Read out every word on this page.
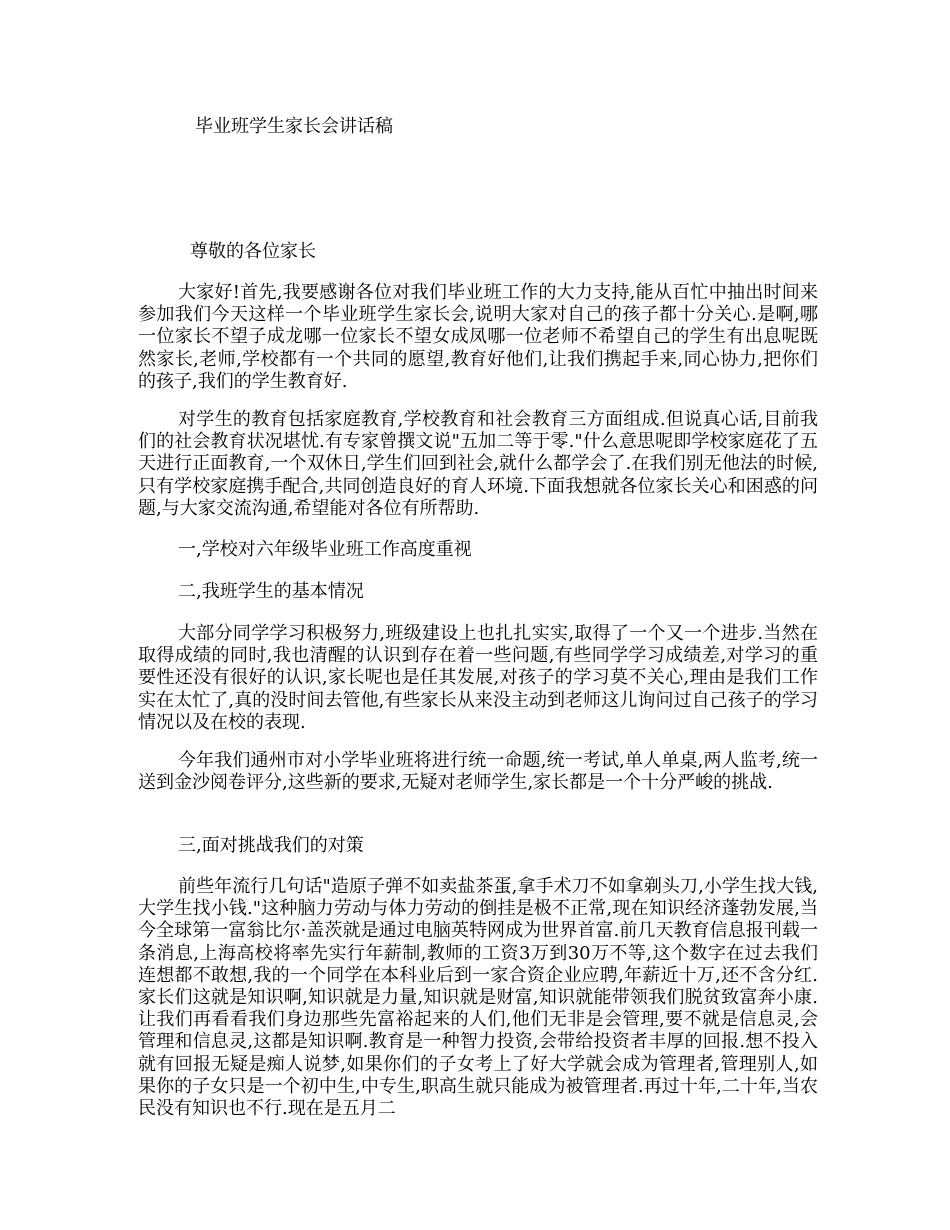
毕业班学生家长会讲话稿
尊敬的各位家长

大家好!首先,我要感谢各位对我们毕业班工作的大力支持,能从百忙中抽出时间来参加我们今天这样一个毕业班学生家长会,说明大家对自己的孩子都十分关心.是啊,哪一位家长不望子成龙哪一位家长不望女成凤哪一位老师不希望自己的学生有出息呢既然家长,老师,学校都有一个共同的愿望,教育好他们,让我们携起手来,同心协力,把你们的孩子,我们的学生教育好.

对学生的教育包括家庭教育,学校教育和社会教育三方面组成.但说真心话,目前我们的社会教育状况堪忧.有专家曾撰文说"五加二等于零."什么意思呢即学校家庭花了五天进行正面教育,一个双休日,学生们回到社会,就什么都学会了.在我们别无他法的时候,只有学校家庭携手配合,共同创造良好的育人环境.下面我想就各位家长关心和困惑的问题,与大家交流沟通,希望能对各位有所帮助.

一,学校对六年级毕业班工作高度重视

二,我班学生的基本情况

大部分同学学习积极努力,班级建设上也扎扎实实,取得了一个又一个进步.当然在取得成绩的同时,我也清醒的认识到存在着一些问题,有些同学学习成绩差,对学习的重要性还没有很好的认识,家长呢也是任其发展,对孩子的学习莫不关心,理由是我们工作实在太忙了,真的没时间去管他,有些家长从来没主动到老师这儿询问过自己孩子的学习情况以及在校的表现.

今年我们通州市对小学毕业班将进行统一命题,统一考试,单人单桌,两人监考,统一送到金沙阅卷评分,这些新的要求,无疑对老师学生,家长都是一个十分严峻的挑战.

三,面对挑战我们的对策

前些年流行几句话"造原子弹不如卖盐茶蛋,拿手术刀不如拿剃头刀,小学生找大钱,大学生找小钱."这种脑力劳动与体力劳动的倒挂是极不正常,现在知识经济蓬勃发展,当今全球第一富翁比尔·盖茨就是通过电脑英特网成为世界首富.前几天教育信息报刊载一条消息,上海高校将率先实行年薪制,教师的工资3万到30万不等,这个数字在过去我们连想都不敢想,我的一个同学在本科业后到一家合资企业应聘,年薪近十万,还不含分红.家长们这就是知识啊,知识就是力量,知识就是财富,知识就能带领我们脱贫致富奔小康.让我们再看看我们身边那些先富裕起来的人们,他们无非是会管理,要不就是信息灵,会管理和信息灵,这都是知识啊.教育是一种智力投资,会带给投资者丰厚的回报.想不投入就有回报无疑是痴人说梦,如果你们的子女考上了好大学就会成为管理者,管理别人,如果你的子女只是一个初中生,中专生,职高生就只能成为被管理者.再过十年,二十年,当农民没有知识也不行.现在是五月二
